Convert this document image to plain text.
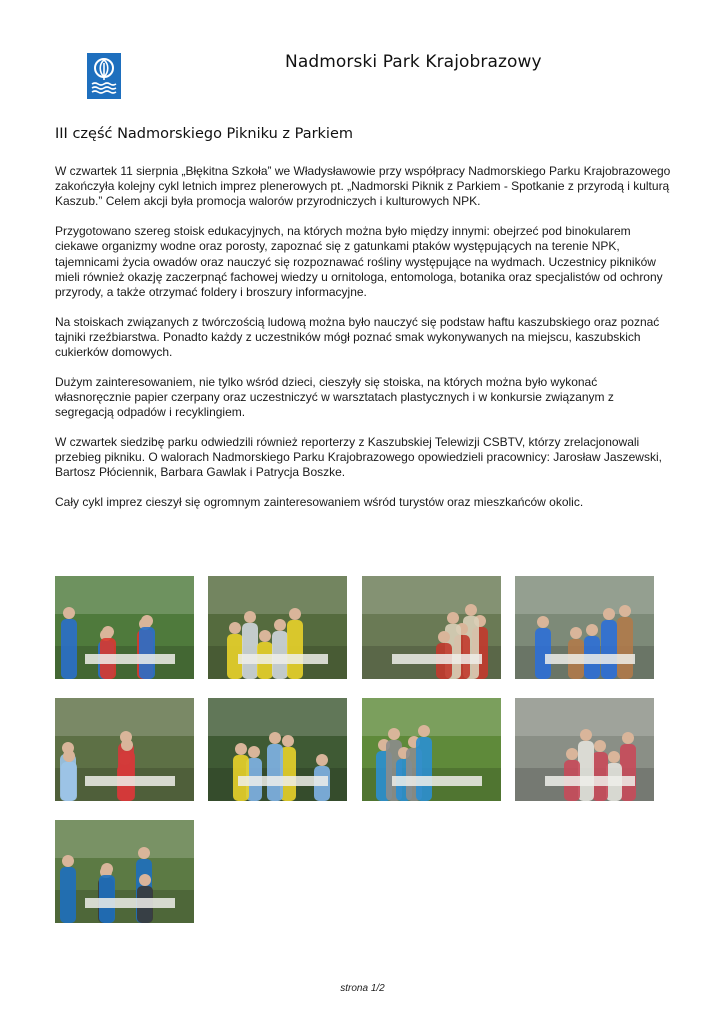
Nadmorski Park Krajobrazowy
III część Nadmorskiego Pikniku z Parkiem

W czwartek 11 sierpnia „Błękitna Szkoła” we Władysławowie przy współpracy Nadmorskiego Parku Krajobrazowego zakończyła kolejny cykl letnich imprez plenerowych pt. „Nadmorski Piknik z Parkiem - Spotkanie z przyrodą i kulturą Kaszub.” Celem akcji była promocja walorów przyrodniczych i kulturowych NPK.

Przygotowano szereg stoisk edukacyjnych, na których można było między innymi: obejrzeć pod binokularem ciekawe organizmy wodne oraz porosty, zapoznać się z gatunkami ptaków występujących na terenie NPK, tajemnicami życia owadów oraz nauczyć się rozpoznawać rośliny występujące na wydmach. Uczestnicy pikników mieli również okazję zaczerpnąć fachowej wiedzy u ornitologa, entomologa, botanika oraz specjalistów od ochrony przyrody, a także otrzymać foldery i broszury informacyjne.

Na stoiskach związanych z twórczością ludową można było nauczyć się podstaw haftu kaszubskiego oraz poznać tajniki rzeźbiarstwa. Ponadto każdy z uczestników mógł poznać smak wykonywanych na miejscu, kaszubskich cukierków domowych.

Dużym zainteresowaniem, nie tylko wśród dzieci, cieszyły się stoiska, na których można było wykonać własnoręcznie papier czerpany oraz uczestniczyć w warsztatach plastycznych i w konkursie związanym z segregacją odpadów i recyklingiem.

W czwartek siedzibę parku odwiedzili również reporterzy z Kaszubskiej Telewizji CSBTV, którzy zrelacjonowali przebieg pikniku. O walorach Nadmorskiego Parku Krajobrazowego opowiedzieli pracownicy: Jarosław Jaszewski, Bartosz Płóciennik, Barbara Gawlak i Patrycja Boszke.

Cały cykl imprez cieszył się ogromnym zainteresowaniem wśród turystów oraz mieszkańców okolic.

strona 1/2
